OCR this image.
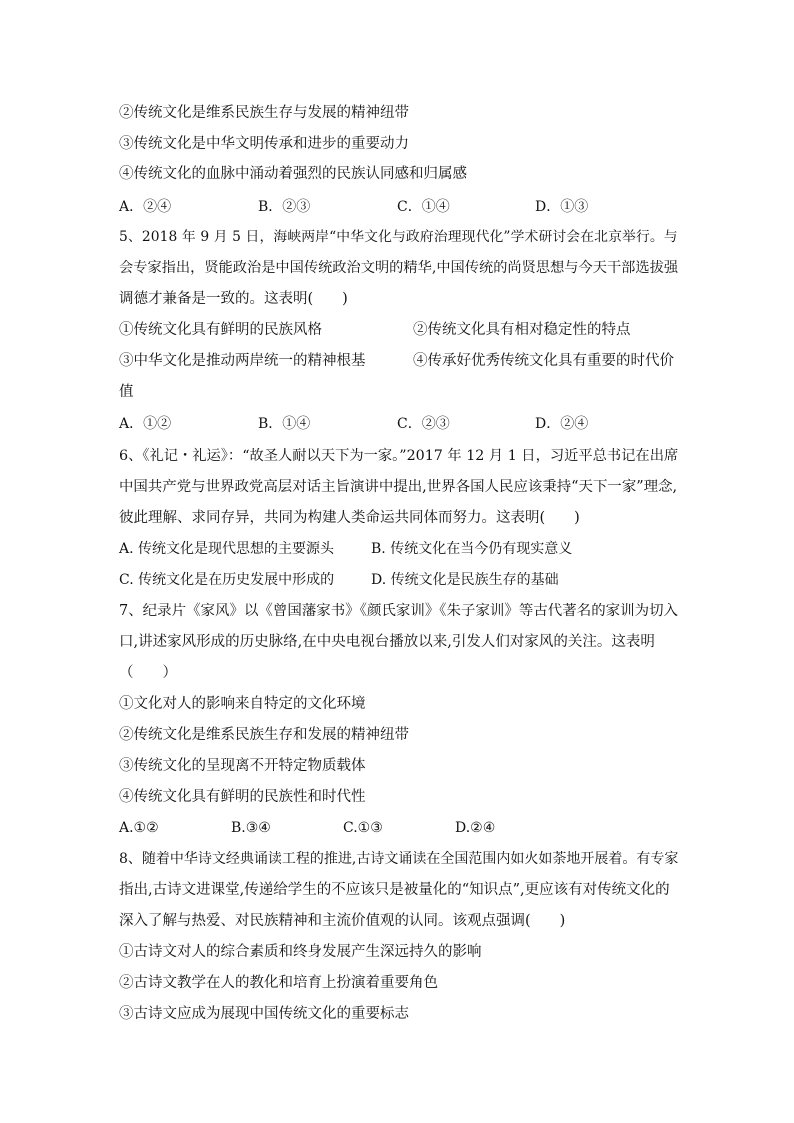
②传统文化是维系民族生存与发展的精神纽带
③传统文化是中华文明传承和进步的重要动力
④传统文化的血脉中涌动着强烈的民族认同感和归属感
A．②④	B．②③	C．①④	D．①③
5、2018 年 9 月 5 日，海峡两岸“中华文化与政府治理现代化”学术研讨会在北京举行。与
会专家指出，贤能政治是中国传统政治文明的精华,中国传统的尚贤思想与今天干部选拔强
调德才兼备是一致的。这表明(　　)
①传统文化具有鲜明的民族风格	②传统文化具有相对稳定性的特点
③中华文化是推动两岸统一的精神根基	④传承好优秀传统文化具有重要的时代价
值
A．①②	B．①④	C．②③	D．②④
6、《礼记・礼运》：“故圣人耐以天下为一家。”2017 年 12 月 1 日，习近平总书记在出席
中国共产党与世界政党高层对话主旨演讲中提出,世界各国人民应该秉持“天下一家”理念,
彼此理解、求同存异，共同为构建人类命运共同体而努力。这表明(　　)
A. 传统文化是现代思想的主要源头	B. 传统文化在当今仍有现实意义
C. 传统文化是在历史发展中形成的	D. 传统文化是民族生存的基础
7、纪录片《家风》以《曾国藩家书》《颜氏家训》《朱子家训》等古代著名的家训为切入
口,讲述家风形成的历史脉络,在中央电视台播放以来,引发人们对家风的关注。这表明
（　　）
①文化对人的影响来自特定的文化环境
②传统文化是维系民族生存和发展的精神纽带
③传统文化的呈现离不开特定物质载体
④传统文化具有鲜明的民族性和时代性
A.①②	B.③④	C.①③	D.②④
8、随着中华诗文经典诵读工程的推进,古诗文诵读在全国范围内如火如荼地开展着。有专家
指出,古诗文进课堂,传递给学生的不应该只是被量化的“知识点”,更应该有对传统文化的
深入了解与热爱、对民族精神和主流价值观的认同。该观点强调(　　)
①古诗文对人的综合素质和终身发展产生深远持久的影响
②古诗文教学在人的教化和培育上扮演着重要角色
③古诗文应成为展现中国传统文化的重要标志
